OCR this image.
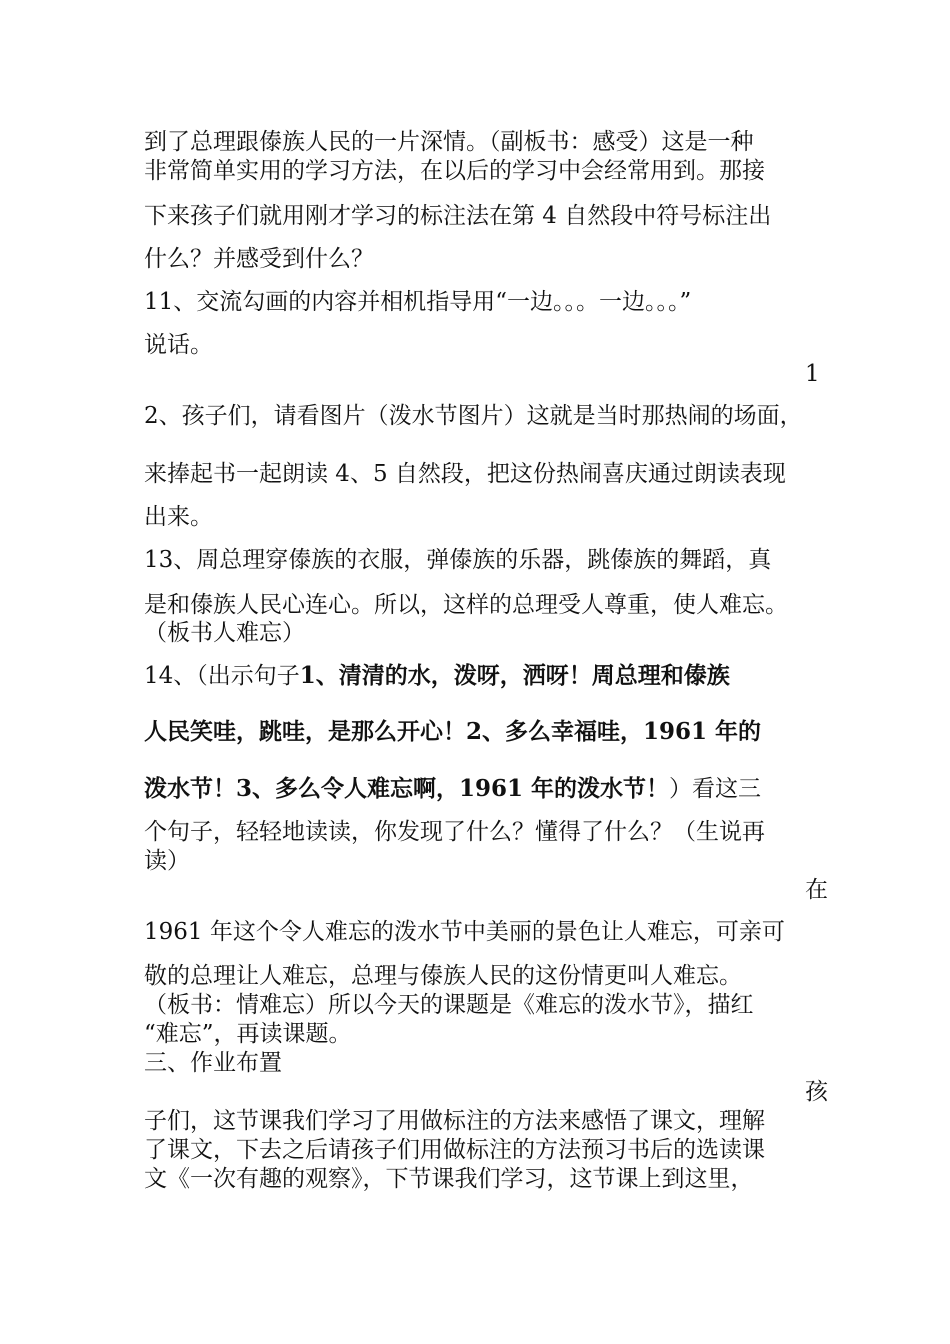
到了总理跟傣族人民的一片深情。（副板书：感受）这是一种
非常简单实用的学习方法，在以后的学习中会经常用到。那接
下来孩子们就用刚才学习的标注法在第 4 自然段中符号标注出
什么？并感受到什么？
11、交流勾画的内容并相机指导用“一边。。。一边。。。”
说话。
1
2、孩子们，请看图片（泼水节图片）这就是当时那热闹的场面，
来捧起书一起朗读 4、5 自然段，把这份热闹喜庆通过朗读表现
出来。
13、周总理穿傣族的衣服，弹傣族的乐器，跳傣族的舞蹈，真
是和傣族人民心连心。所以，这样的总理受人尊重，使人难忘。
（板书人难忘）
14、（出示句子1、清清的水，泼呀，洒呀！周总理和傣族
人民笑哇，跳哇，是那么开心！2、多么幸福哇，1961 年的
泼水节！3、多么令人难忘啊，1961 年的泼水节！）看这三
个句子，轻轻地读读，你发现了什么？懂得了什么？（生说再
读）
在
1961 年这个令人难忘的泼水节中美丽的景色让人难忘，可亲可
敬的总理让人难忘，总理与傣族人民的这份情更叫人难忘。
（板书：情难忘）所以今天的课题是《难忘的泼水节》，描红
“难忘”，再读课题。
三、作业布置
孩
子们，这节课我们学习了用做标注的方法来感悟了课文，理解
了课文，下去之后请孩子们用做标注的方法预习书后的选读课
文《一次有趣的观察》，下节课我们学习，这节课上到这里，
